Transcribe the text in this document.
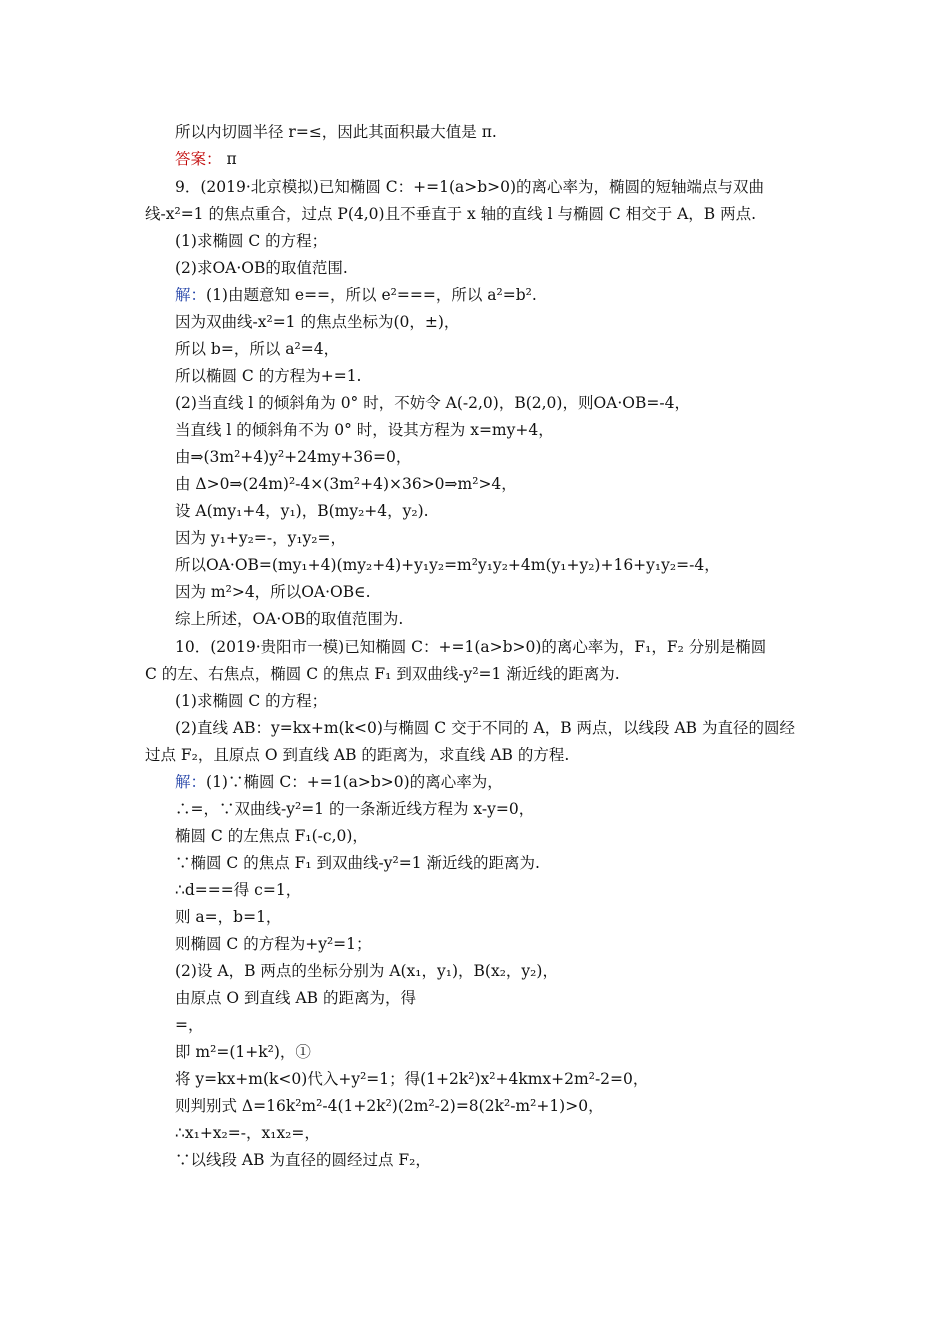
所以内切圆半径 r=≤，因此其面积最大值是 π.
答案： π
9．(2019·北京模拟)已知椭圆 C：+=1(a>b>0)的离心率为，椭圆的短轴端点与双曲
线-x²=1 的焦点重合，过点 P(4,0)且不垂直于 x 轴的直线 l 与椭圆 C 相交于 A，B 两点.
(1)求椭圆 C 的方程；
(2)求OA·OB的取值范围.
解：(1)由题意知 e==，所以 e²===，所以 a²=b².
因为双曲线-x²=1 的焦点坐标为(0，±)，
所以 b=，所以 a²=4，
所以椭圆 C 的方程为+=1.
(2)当直线 l 的倾斜角为 0° 时，不妨令 A(-2,0)，B(2,0)，则OA·OB=-4，
当直线 l 的倾斜角不为 0° 时，设其方程为 x=my+4，
由⇒(3m²+4)y²+24my+36=0，
由 Δ>0⇒(24m)²-4×(3m²+4)×36>0⇒m²>4，
设 A(my₁+4，y₁)，B(my₂+4，y₂).
因为 y₁+y₂=-，y₁y₂=，
所以OA·OB=(my₁+4)(my₂+4)+y₁y₂=m²y₁y₂+4m(y₁+y₂)+16+y₁y₂=-4，
因为 m²>4，所以OA·OB∈.
综上所述，OA·OB的取值范围为.
10．(2019·贵阳市一模)已知椭圆 C：+=1(a>b>0)的离心率为，F₁，F₂ 分别是椭圆
C 的左、右焦点，椭圆 C 的焦点 F₁ 到双曲线-y²=1 渐近线的距离为.
(1)求椭圆 C 的方程；
(2)直线 AB：y=kx+m(k<0)与椭圆 C 交于不同的 A，B 两点，以线段 AB 为直径的圆经
过点 F₂，且原点 O 到直线 AB 的距离为，求直线 AB 的方程.
解：(1)∵椭圆 C：+=1(a>b>0)的离心率为，
∴=，∵双曲线-y²=1 的一条渐近线方程为 x-y=0，
椭圆 C 的左焦点 F₁(-c,0)，
∵椭圆 C 的焦点 F₁ 到双曲线-y²=1 渐近线的距离为.
∴d===得 c=1，
则 a=，b=1，
则椭圆 C 的方程为+y²=1；
(2)设 A，B 两点的坐标分别为 A(x₁，y₁)，B(x₂，y₂)，
由原点 O 到直线 AB 的距离为，得
=，
即 m²=(1+k²)，①
将 y=kx+m(k<0)代入+y²=1；得(1+2k²)x²+4kmx+2m²-2=0，
则判别式 Δ=16k²m²-4(1+2k²)(2m²-2)=8(2k²-m²+1)>0，
∴x₁+x₂=-，x₁x₂=，
∵以线段 AB 为直径的圆经过点 F₂，
